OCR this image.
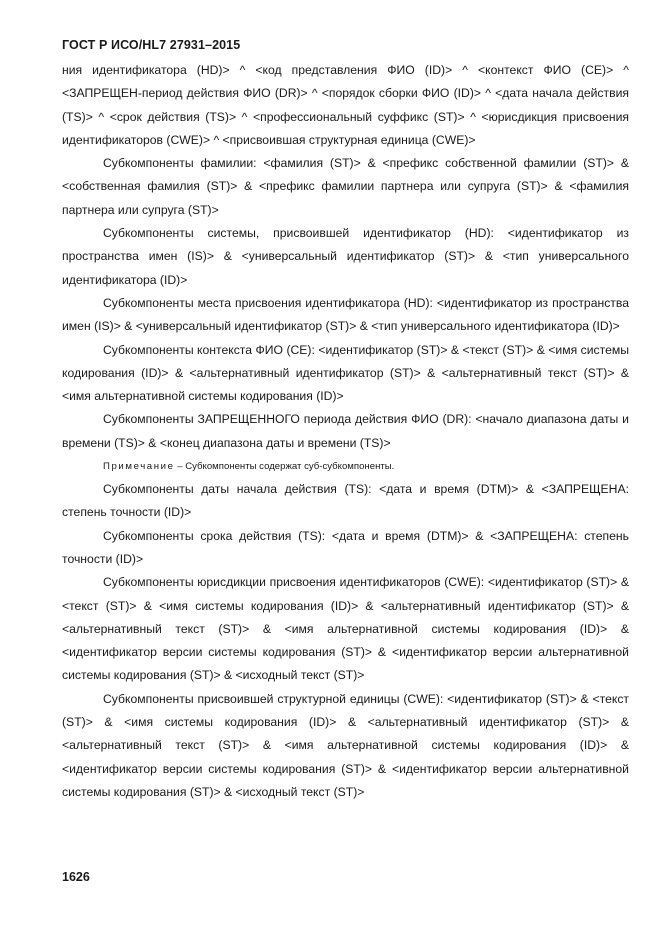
ГОСТ Р ИСО/HL7 27931–2015

ния идентификатора (HD)> ^ <код представления ФИО (ID)> ^ <контекст ФИО (CE)> ^ <ЗАПРЕЩЕН-период действия ФИО (DR)> ^ <порядок сборки ФИО (ID)> ^ <дата начала действия (TS)> ^ <срок действия (TS)> ^ <профессиональный суффикс (ST)> ^ <юрисдикция присвоения идентификаторов (CWE)> ^ <присвоившая структурная единица (CWE)>

Субкомпоненты фамилии: <фамилия (ST)> & <префикс собственной фамилии (ST)> & <собственная фамилия (ST)> & <префикс фамилии партнера или супруга (ST)> & <фамилия партнера или супруга (ST)>

Субкомпоненты системы, присвоившей идентификатор (HD): <идентификатор из пространства имен (IS)> & <универсальный идентификатор (ST)> & <тип универсального идентификатора (ID)>

Субкомпоненты места присвоения идентификатора (HD): <идентификатор из пространства имен (IS)> & <универсальный идентификатор (ST)> & <тип универсального идентификатора (ID)>

Субкомпоненты контекста ФИО (CE): <идентификатор (ST)> & <текст (ST)> & <имя системы кодирования (ID)> & <альтернативный идентификатор (ST)> & <альтернативный текст (ST)> & <имя альтернативной системы кодирования (ID)>

Субкомпоненты ЗАПРЕЩЕННОГО периода действия ФИО (DR): <начало диапазона даты и времени (TS)> & <конец диапазона даты и времени (TS)>

Примечание – Субкомпоненты содержат суб-субкомпоненты.

Субкомпоненты даты начала действия (TS): <дата и время (DTM)> & <ЗАПРЕЩЕНА: степень точности (ID)>

Субкомпоненты срока действия (TS): <дата и время (DTM)> & <ЗАПРЕЩЕНА: степень точности (ID)>

Субкомпоненты юрисдикции присвоения идентификаторов (CWE): <идентификатор (ST)> & <текст (ST)> & <имя системы кодирования (ID)> & <альтернативный идентификатор (ST)> & <альтернативный текст (ST)> & <имя альтернативной системы кодирования (ID)> & <идентификатор версии системы кодирования (ST)> & <идентификатор версии альтернативной системы кодирования (ST)> & <исходный текст (ST)>

Субкомпоненты присвоившей структурной единицы (CWE): <идентификатор (ST)> & <текст (ST)> & <имя системы кодирования (ID)> & <альтернативный идентификатор (ST)> & <альтернативный текст (ST)> & <имя альтернативной системы кодирования (ID)> & <идентификатор версии системы кодирования (ST)> & <идентификатор версии альтернативной системы кодирования (ST)> & <исходный текст (ST)>

1626
